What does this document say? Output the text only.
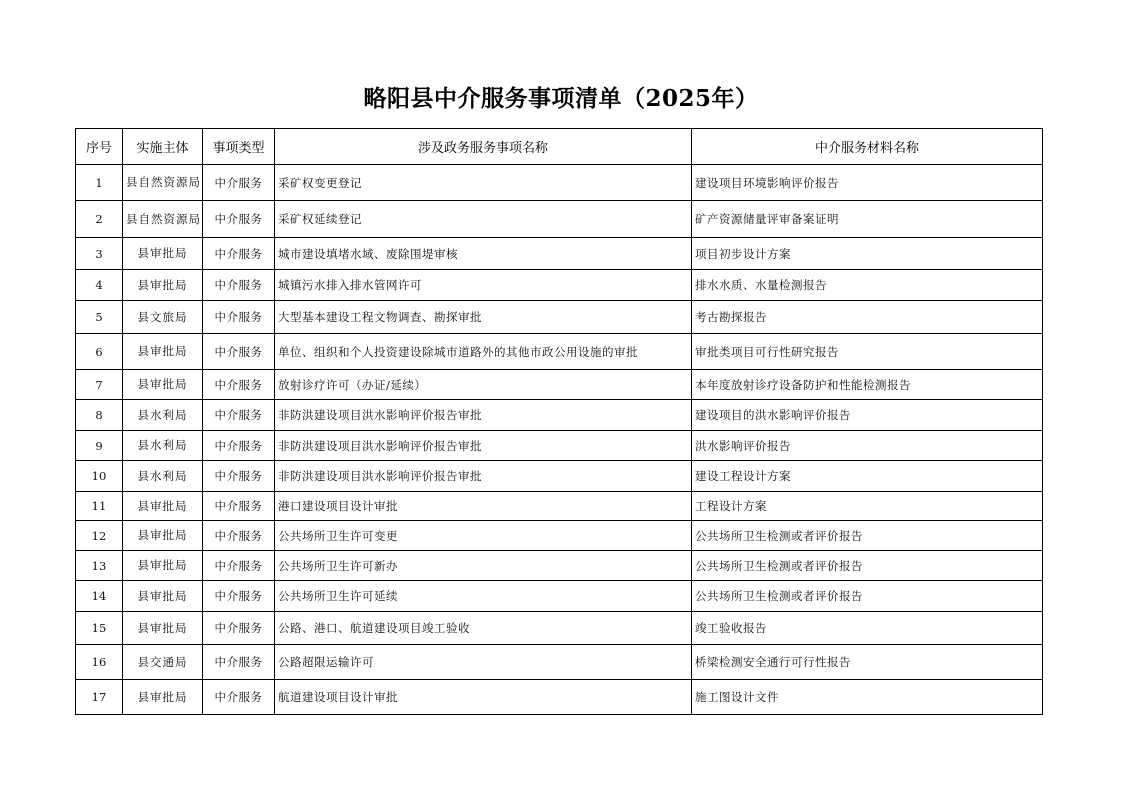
略阳县中介服务事项清单（2025年）
序号	实施主体	事项类型	涉及政务服务事项名称	中介服务材料名称
1	县自然资源局	中介服务	采矿权变更登记	建设项目环境影响评价报告
2	县自然资源局	中介服务	采矿权延续登记	矿产资源储量评审备案证明
3	县审批局	中介服务	城市建设填堵水域、废除围堤审核	项目初步设计方案
4	县审批局	中介服务	城镇污水排入排水管网许可	排水水质、水量检测报告
5	县文旅局	中介服务	大型基本建设工程文物调查、勘探审批	考古勘探报告
6	县审批局	中介服务	单位、组织和个人投资建设除城市道路外的其他市政公用设施的审批	审批类项目可行性研究报告
7	县审批局	中介服务	放射诊疗许可（办证/延续）	本年度放射诊疗设备防护和性能检测报告
8	县水利局	中介服务	非防洪建设项目洪水影响评价报告审批	建设项目的洪水影响评价报告
9	县水利局	中介服务	非防洪建设项目洪水影响评价报告审批	洪水影响评价报告
10	县水利局	中介服务	非防洪建设项目洪水影响评价报告审批	建设工程设计方案
11	县审批局	中介服务	港口建设项目设计审批	工程设计方案
12	县审批局	中介服务	公共场所卫生许可变更	公共场所卫生检测或者评价报告
13	县审批局	中介服务	公共场所卫生许可新办	公共场所卫生检测或者评价报告
14	县审批局	中介服务	公共场所卫生许可延续	公共场所卫生检测或者评价报告
15	县审批局	中介服务	公路、港口、航道建设项目竣工验收	竣工验收报告
16	县交通局	中介服务	公路超限运输许可	桥梁检测安全通行可行性报告
17	县审批局	中介服务	航道建设项目设计审批	施工图设计文件
